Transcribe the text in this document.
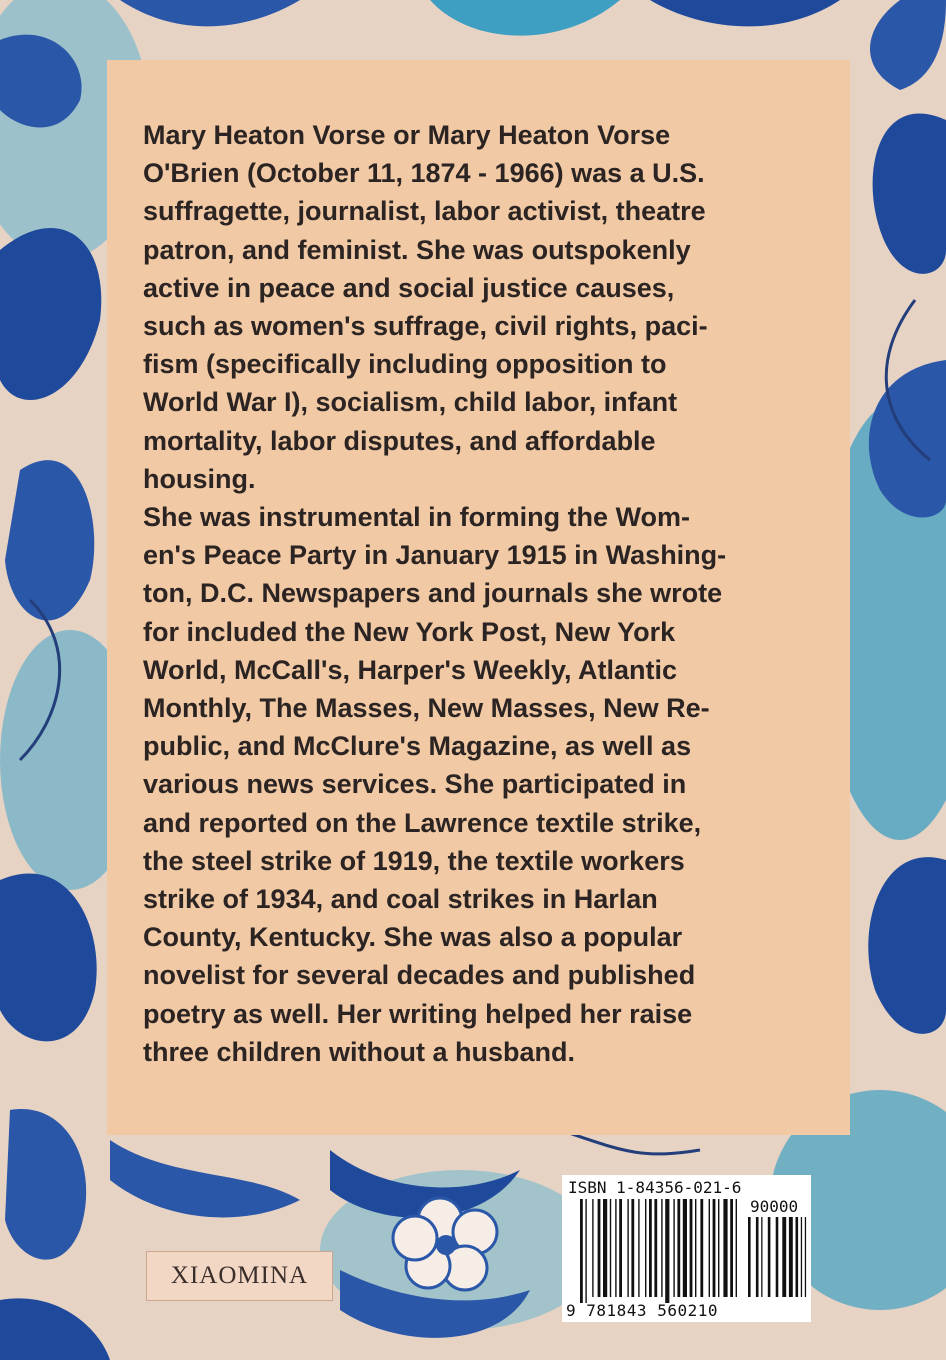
Mary Heaton Vorse or Mary Heaton Vorse
O'Brien (October 11, 1874 - 1966) was a U.S.
suffragette, journalist, labor activist, theatre
patron, and feminist. She was outspokenly
active in peace and social justice causes,
such as women's suffrage, civil rights, paci-
fism (specifically including opposition to
World War I), socialism, child labor, infant
mortality, labor disputes, and affordable
housing.

She was instrumental in forming the Wom-
en's Peace Party in January 1915 in Washing-
ton, D.C. Newspapers and journals she wrote
for included the New York Post, New York
World, McCall's, Harper's Weekly, Atlantic
Monthly, The Masses, New Masses, New Re-
public, and McClure's Magazine, as well as
various news services. She participated in
and reported on the Lawrence textile strike,
the steel strike of 1919, the textile workers
strike of 1934, and coal strikes in Harlan
County, Kentucky. She was also a popular
novelist for several decades and published
poetry as well. Her writing helped her raise
three children without a husband.

XIAOMINA
ISBN 1-84356-021-6
90000
9 781843 560210
